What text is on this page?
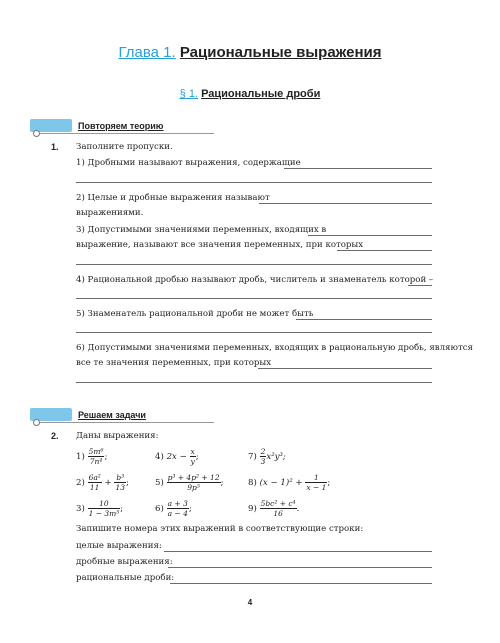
Глава 1. Рациональные выражения
§ 1. Рациональные дроби
Повторяем теорию
1. Заполните пропуски.
1) Дробными называют выражения, содержащие
2) Целые и дробные выражения называют
выражениями.
3) Допустимыми значениями переменных, входящих в
выражение, называют все значения переменных, при которых
4) Рациональной дробью называют дробь, числитель и знаменатель которой –
5) Знаменатель рациональной дроби не может быть
6) Допустимыми значениями переменных, входящих в рациональную дробь, являются
все те значения переменных, при которых
Решаем задачи
2. Даны выражения:
$1) \frac{\text{5m⁶}}{\text{7n⁴}}$ ;	4) $2x - \frac{x}{y}$ ;	$7) \frac{2}{3} x^2y^3$;
$2) \frac{\text{6a²}}{11} + \frac{\text{b³}}{13}$ ;	$5) \frac{\text{p³ + 4p² + 12}}{\text{9p⁵}}$ ;	8) $(x - 1)^2 + \frac{1}{x - 1}$ ;
$3) \frac{10}{\text{1 − 3m⁵}}$ ;	$6) \frac{a + 3}{a - 4}$ ;	$9) \frac{\text{5bc² + c⁴}}{16}$ .
Запишите номера этих выражений в соответствующие строки:
целые выражения:
дробные выражения:
рациональные дроби:
4
